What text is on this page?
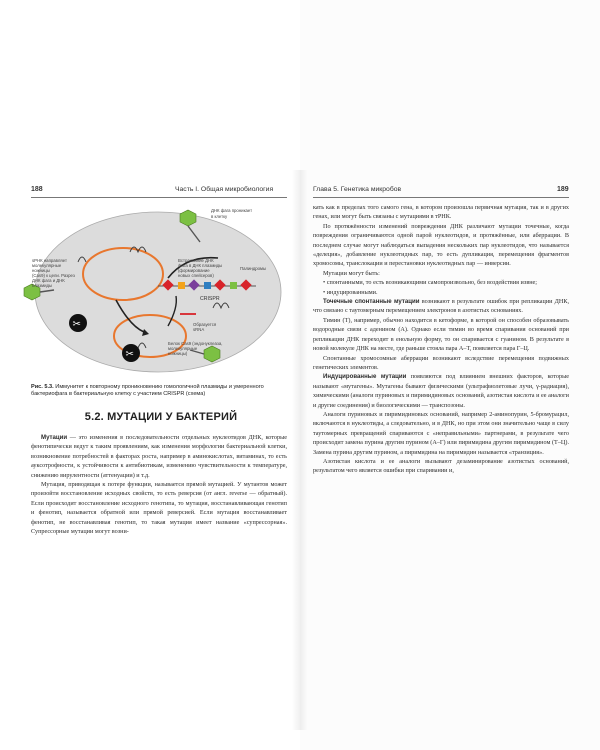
188	Часть I. Общая микробиология
CRISPR
✂
✂
ДНК фага проникает
в клетку
Встраивание ДНК
фага в ДНК плазмиды
(формирование
новых спейсеров)
Палиндромы
Образуется
sRNA
sРНК направляет
молекулярные
ножницы
(Cas9) к цели. Разрез
ДНК фага и ДНК
плазмиды
Белок Cas9 (эндонуклеаза,
молекулярные
ножницы)
Рис. 5.3. Иммунитет к повторному проникновению гомологичной плазмиды и умеренного бактериофага в бактериальную клетку с участием CRISPR (схема)
5.2. МУТАЦИИ У БАКТЕРИЙ

Мутации — это изменения в последовательности отдельных нуклеотидов ДНК, которые фенотипически ведут к таким проявлениям, как изменения морфологии бактериальной клетки, возникновение потребностей в факторах роста, например в аминокислотах, витаминах, то есть ауксотрофности, к устойчивости к антибиотикам, изменению чувствительности к температуре, снижению вирулентности (аттенуации) и т.д.

Мутация, приводящая к потере функции, называется прямой мутацией. У мутантов может произойти восстановление исходных свойств, то есть реверсия (от англ. reverse — обратный). Если происходит восстановление исходного генотипа, то мутация, восстанавливающая генотип и фенотип, называется обратной или прямой реверсией. Если мутация восстанавливает фенотип, не восстанавливая генотип, то такая мутация имеет название «супрессорная». Супрессорные мутации могут возни-

Глава 5. Генетика микробов	189

кать как в пределах того самого гена, в котором произошла первичная мутация, так и в других генах, или могут быть связаны с мутациями в тРНК.

По протяжённости изменений повреждения ДНК различают мутации точечные, когда повреждения ограничиваются одной парой нуклеотидов, и протяжённые, или аберрации. В последнем случае могут наблюдаться выпадения нескольких пар нуклеотидов, что называется «делеция», добавление нуклеотидных пар, то есть дупликация, перемещения фрагментов хромосомы, транслокации и перестановки нуклеотидных пар — инверсии.

Мутации могут быть:

• спонтанными, то есть возникающими самопроизвольно, без воздействия извне;
• индуцированными.

Точечные спонтанные мутации возникают в результате ошибок при репликации ДНК, что связано с таутомерным перемещением электронов в азотистых основаниях.

Тимин (Т), например, обычно находится в кетоформе, в которой он способен образовывать водородные связи с аденином (А). Однако если тимин во время спаривания оснований при репликации ДНК переходит в енольную форму, то он спаривается с гуанином. В результате в новой молекуле ДНК на месте, где раньше стояла пара А–Т, появляется пара Г–Ц.

Спонтанные хромосомные аберрации возникают вследствие перемещения подвижных генетических элементов.

Индуцированные мутации появляются под влиянием внешних факторов, которые называют «мутагены». Мутагены бывают физическими (ультрафиолетовые лучи, γ-радиация), химическими (аналоги пуриновых и пиримидиновых оснований, азотистая кислота и ее аналоги и другие соединения) и биологическими — транспозоны.

Аналоги пуриновых и пиримидиновых оснований, например 2-аминопурин, 5-бромурацил, включаются в нуклеотиды, а следовательно, и в ДНК, но при этом они значительно чаще в силу таутомерных превращений спариваются с «неправильными» партнерами, в результате чего происходит замена пурина другим пурином (А–Г) или пиримидина другим пиримидином (Т–Ц). Замена пурина другим пурином, а пиримидина на пиримидин называется «транзиция».

Азотистая кислота и ее аналоги вызывают дезаминирование азотистых оснований, результатом чего является ошибки при спаривании и,
